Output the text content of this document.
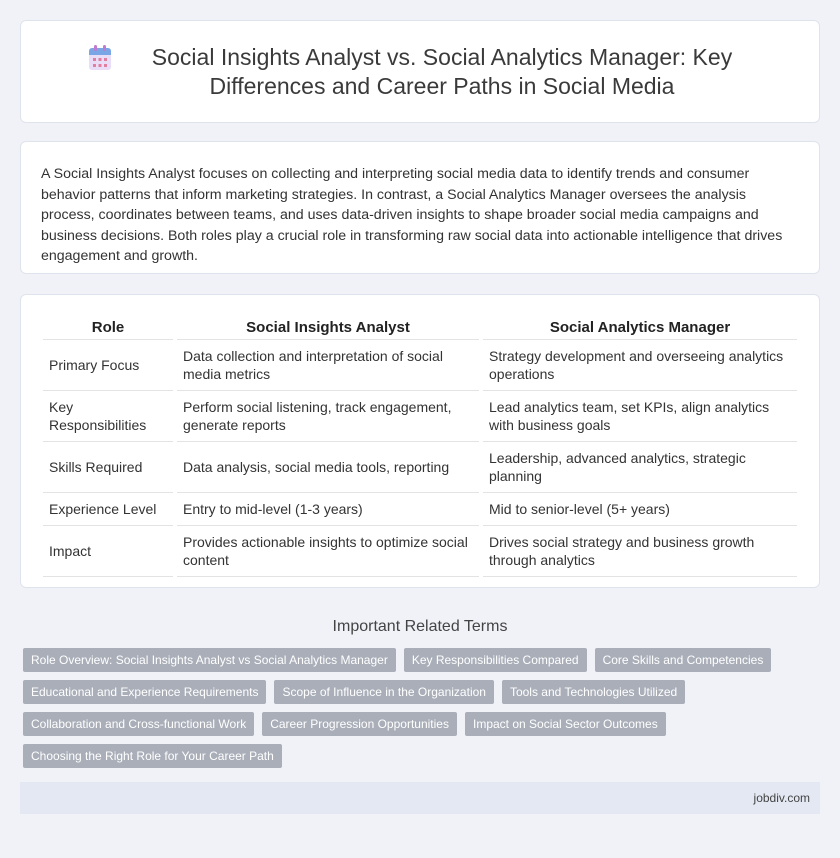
Social Insights Analyst vs. Social Analytics Manager: Key Differences and Career Paths in Social Media
A Social Insights Analyst focuses on collecting and interpreting social media data to identify trends and consumer behavior patterns that inform marketing strategies. In contrast, a Social Analytics Manager oversees the analysis process, coordinates between teams, and uses data-driven insights to shape broader social media campaigns and business decisions. Both roles play a crucial role in transforming raw social data into actionable intelligence that drives engagement and growth.
Role	Social Insights Analyst	Social Analytics Manager
Primary Focus	Data collection and interpretation of social media metrics	Strategy development and overseeing analytics operations
Key Responsibilities	Perform social listening, track engagement, generate reports	Lead analytics team, set KPIs, align analytics with business goals
Skills Required	Data analysis, social media tools, reporting	Leadership, advanced analytics, strategic planning
Experience Level	Entry to mid-level (1-3 years)	Mid to senior-level (5+ years)
Impact	Provides actionable insights to optimize social content	Drives social strategy and business growth through analytics
Important Related Terms
Role Overview: Social Insights Analyst vs Social Analytics Manager	Key Responsibilities Compared	Core Skills and Competencies
Educational and Experience Requirements	Scope of Influence in the Organization	Tools and Technologies Utilized
Collaboration and Cross-functional Work	Career Progression Opportunities	Impact on Social Sector Outcomes
Choosing the Right Role for Your Career Path
jobdiv.com
